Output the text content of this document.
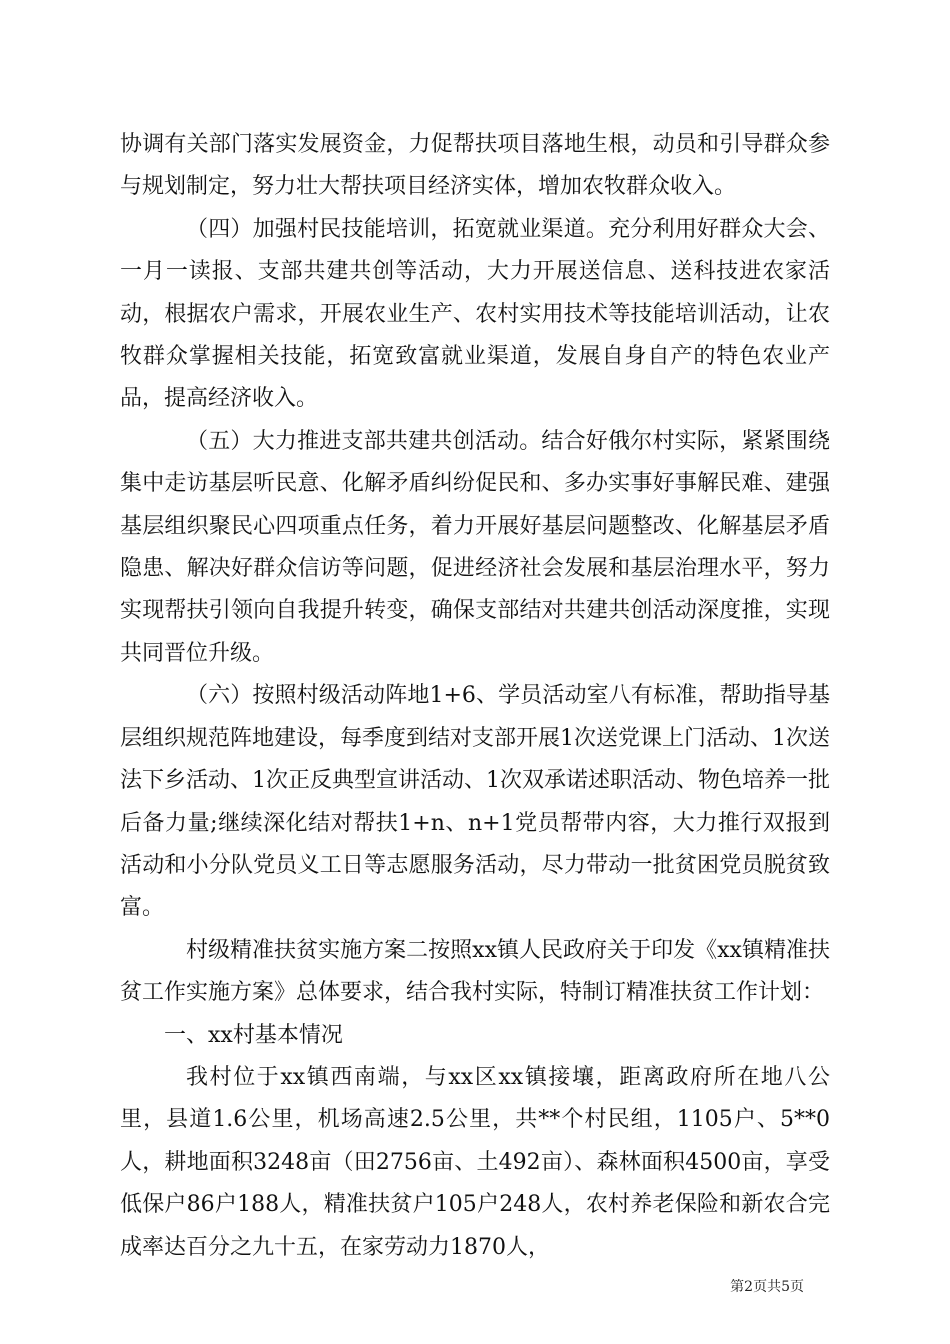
协调有关部门落实发展资金，力促帮扶项目落地生根，动员和引导群众参与规划制定，努力壮大帮扶项目经济实体，增加农牧群众收入。

（四）加强村民技能培训，拓宽就业渠道。充分利用好群众大会、一月一读报、支部共建共创等活动，大力开展送信息、送科技进农家活动，根据农户需求，开展农业生产、农村实用技术等技能培训活动，让农牧群众掌握相关技能，拓宽致富就业渠道，发展自身自产的特色农业产品，提高经济收入。

（五）大力推进支部共建共创活动。结合好俄尔村实际，紧紧围绕集中走访基层听民意、化解矛盾纠纷促民和、多办实事好事解民难、建强基层组织聚民心四项重点任务，着力开展好基层问题整改、化解基层矛盾隐患、解决好群众信访等问题，促进经济社会发展和基层治理水平，努力实现帮扶引领向自我提升转变，确保支部结对共建共创活动深度推，实现共同晋位升级。

（六）按照村级活动阵地1+6、学员活动室八有标准，帮助指导基层组织规范阵地建设，每季度到结对支部开展1次送党课上门活动、1次送法下乡活动、1次正反典型宣讲活动、1次双承诺述职活动、物色培养一批后备力量;继续深化结对帮扶1+n、n+1党员帮带内容，大力推行双报到活动和小分队党员义工日等志愿服务活动，尽力带动一批贫困党员脱贫致富。

村级精准扶贫实施方案二按照xx镇人民政府关于印发《xx镇精准扶贫工作实施方案》总体要求，结合我村实际，特制订精准扶贫工作计划：

一、xx村基本情况

我村位于xx镇西南端，与xx区xx镇接壤，距离政府所在地八公里，县道1.6公里，机场高速2.5公里，共**个村民组，1105户、5**0人，耕地面积3248亩（田2756亩、土492亩）、森林面积4500亩，享受低保户86户188人，精准扶贫户105户248人，农村养老保险和新农合完成率达百分之九十五，在家劳动力1870人，

第2页共5页
